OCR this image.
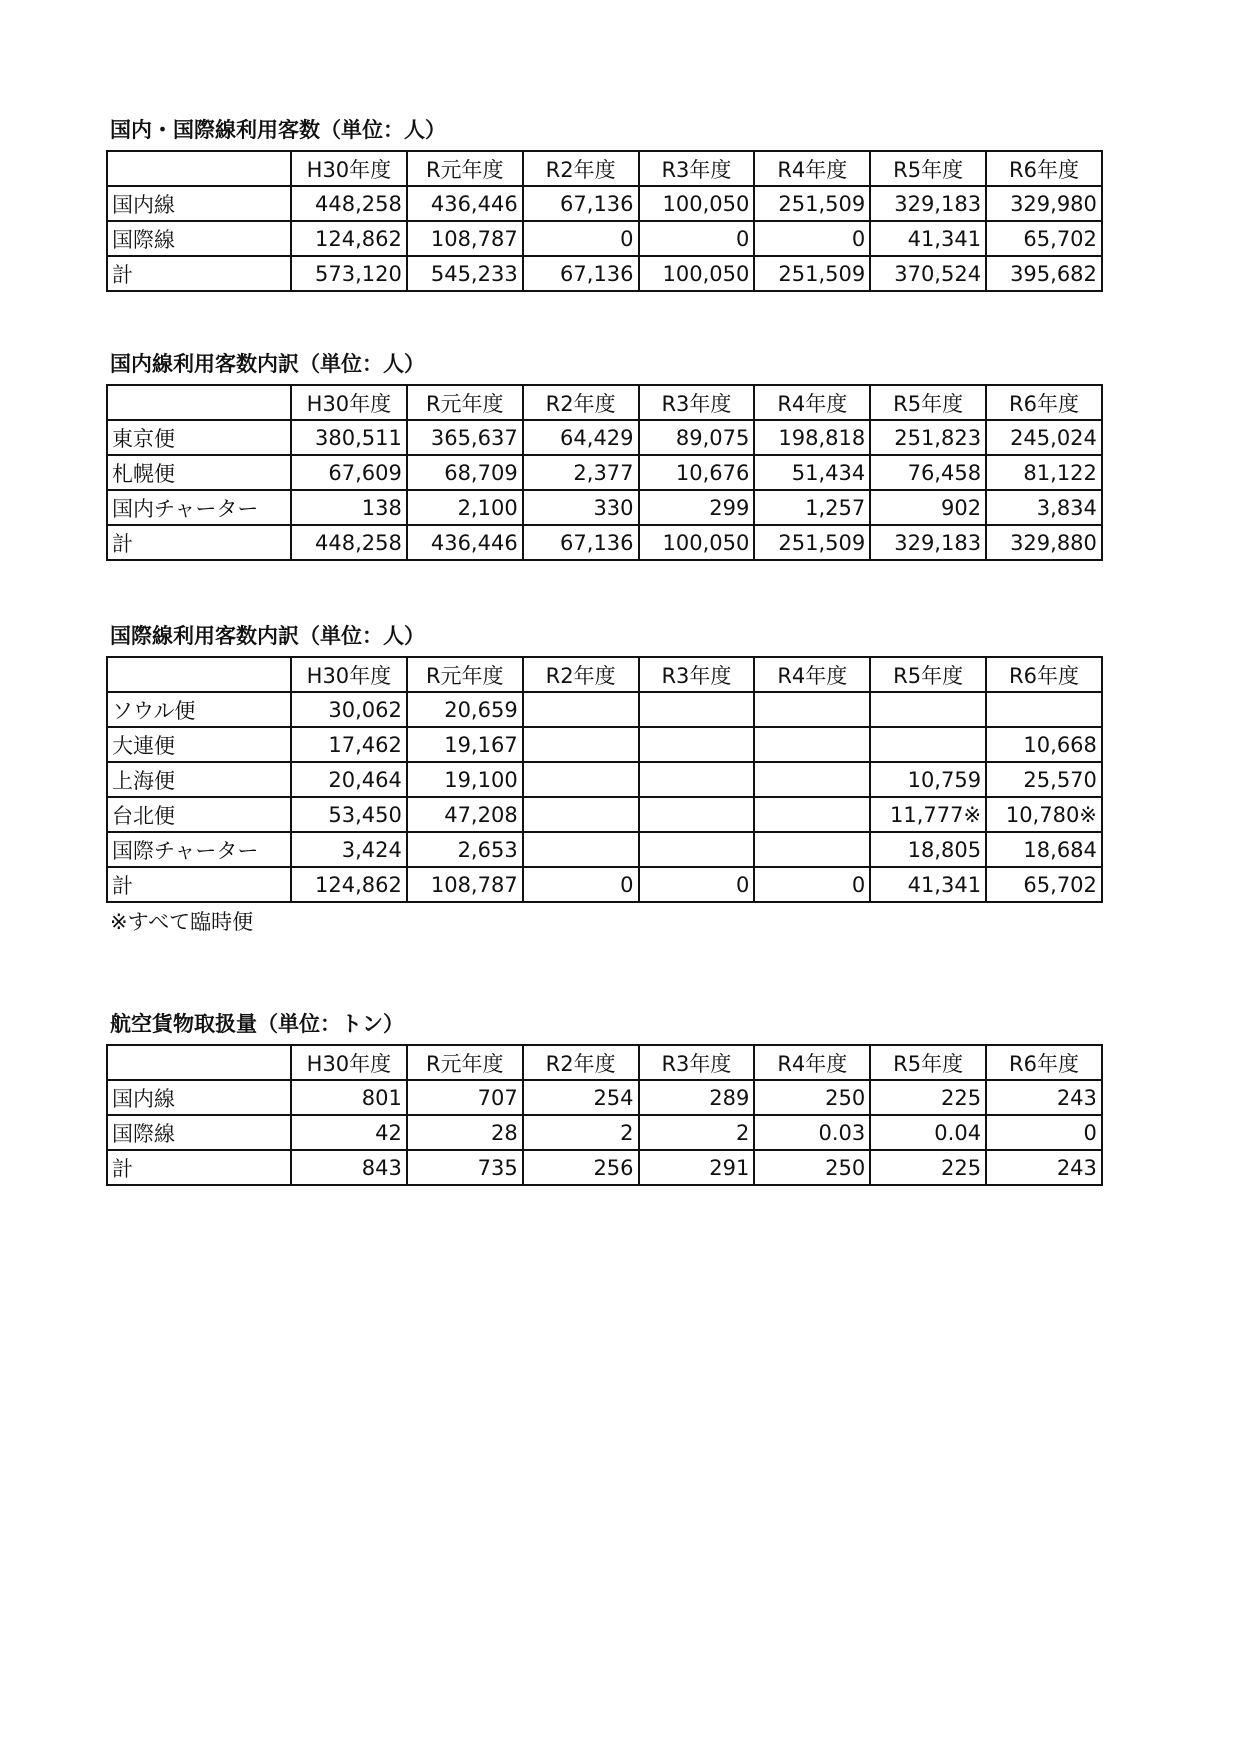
国内・国際線利用客数（単位：人）
	H30年度	R元年度	R2年度	R3年度	R4年度	R5年度	R6年度
国内線	448,258	436,446	67,136	100,050	251,509	329,183	329,980
国際線	124,862	108,787	0	0	0	41,341	65,702
計	573,120	545,233	67,136	100,050	251,509	370,524	395,682
国内線利用客数内訳（単位：人）
	H30年度	R元年度	R2年度	R3年度	R4年度	R5年度	R6年度
東京便	380,511	365,637	64,429	89,075	198,818	251,823	245,024
札幌便	67,609	68,709	2,377	10,676	51,434	76,458	81,122
国内チャーター	138	2,100	330	299	1,257	902	3,834
計	448,258	436,446	67,136	100,050	251,509	329,183	329,880
国際線利用客数内訳（単位：人）
	H30年度	R元年度	R2年度	R3年度	R4年度	R5年度	R6年度
ソウル便	30,062	20,659					
大連便	17,462	19,167					10,668
上海便	20,464	19,100				10,759	25,570
台北便	53,450	47,208				11,777※	10,780※
国際チャーター	3,424	2,653				18,805	18,684
計	124,862	108,787	0	0	0	41,341	65,702
※すべて臨時便
航空貨物取扱量（単位：トン）
	H30年度	R元年度	R2年度	R3年度	R4年度	R5年度	R6年度
国内線	801	707	254	289	250	225	243
国際線	42	28	2	2	0.03	0.04	0
計	843	735	256	291	250	225	243
